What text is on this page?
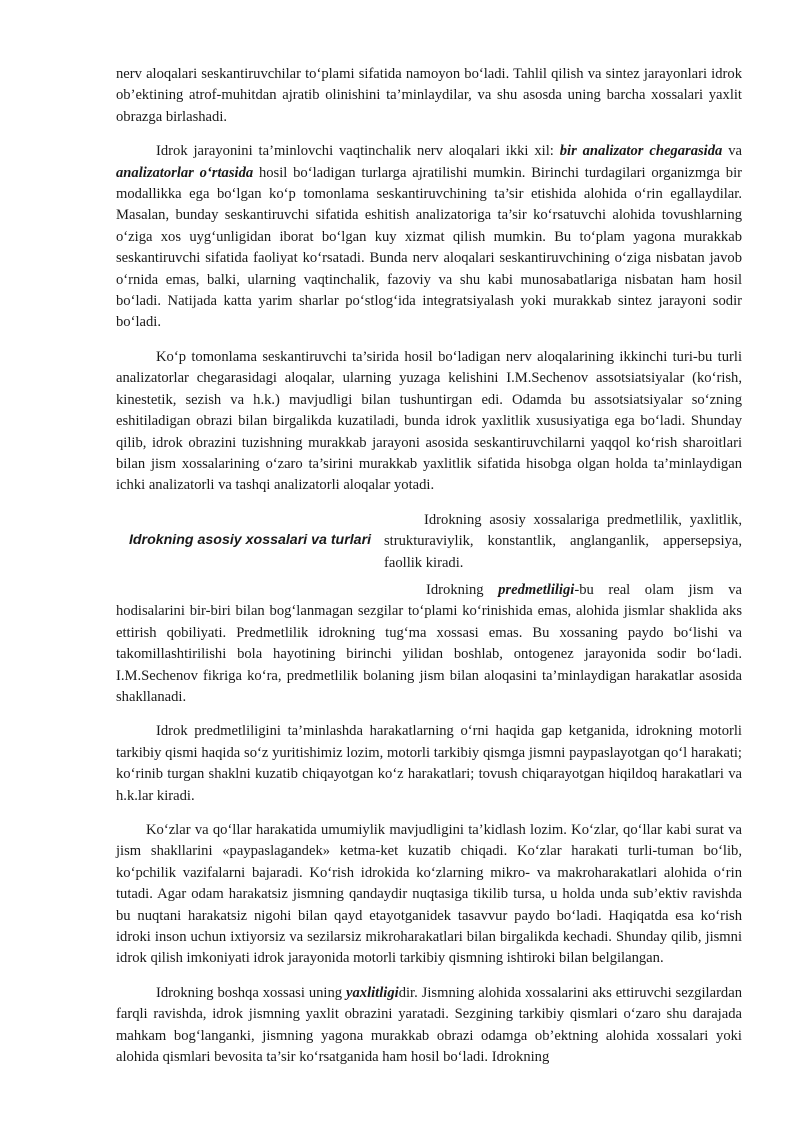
nerv aloqalari seskantiruvchilar to‘plami sifatida namoyon bo‘ladi. Tahlil qilish va sintez jarayonlari idrok ob’ektining atrof-muhitdan ajratib olinishini ta’minlaydilar, va shu asosda uning barcha xossalari yaxlit obrazga birlashadi.

Idrok jarayonini ta’minlovchi vaqtinchalik nerv aloqalari ikki xil: bir analizator chegarasida va analizatorlar o‘rtasida hosil bo‘ladigan turlarga ajratilishi mumkin. Birinchi turdagilari organizmga bir modallikka ega bo‘lgan ko‘p tomonlama seskantiruvchining ta’sir etishida alohida o‘rin egallaydilar. Masalan, bunday seskantiruvchi sifatida eshitish analizatoriga ta’sir ko‘rsatuvchi alohida tovushlarning o‘ziga xos uyg‘unligidan iborat bo‘lgan kuy xizmat qilish mumkin. Bu to‘plam yagona murakkab seskantiruvchi sifatida faoliyat ko‘rsatadi. Bunda nerv aloqalari seskantiruvchining o‘ziga nisbatan javob o‘rnida emas, balki, ularning vaqtinchalik, fazoviy va shu kabi munosabatlariga nisbatan ham hosil bo‘ladi. Natijada katta yarim sharlar po‘stlog‘ida integratsiyalash yoki murakkab sintez jarayoni sodir bo‘ladi.

Ko‘p tomonlama seskantiruvchi ta’sirida hosil bo‘ladigan nerv aloqalarining ikkinchi turi-bu turli analizatorlar chegarasidagi aloqalar, ularning yuzaga kelishini I.M.Sechenov assotsiatsiyalar (ko‘rish, kinestetik, sezish va h.k.) mavjudligi bilan tushuntirgan edi. Odamda bu assotsiatsiyalar so‘zning eshitiladigan obrazi bilan birgalikda kuzatiladi, bunda idrok yaxlitlik xususiyatiga ega bo‘ladi. Shunday qilib, idrok obrazini tuzishning murakkab jarayoni asosida seskantiruvchilarni yaqqol ko‘rish sharoitlari bilan jism xossalarining o‘zaro ta’sirini murakkab yaxlitlik sifatida hisobga olgan holda ta’minlaydigan ichki analizatorli va tashqi analizatorli aloqalar yotadi.

Idrokning asosiy xossalari va turlari

Idrokning asosiy xossalariga predmetlilik, yaxlitlik, strukturaviylik, konstantlik, anglanganlik, appersepsiya, faollik kiradi.

Idrokning predmetliligi-bu real olam jism va hodisalarini bir-biri bilan bog‘lanmagan sezgilar to‘plami ko‘rinishida emas, alohida jismlar shaklida aks ettirish qobiliyati. Predmetlilik idrokning tug‘ma xossasi emas. Bu xossaning paydo bo‘lishi va takomillashtirilishi bola hayotining birinchi yilidan boshlab, ontogenez jarayonida sodir bo‘ladi. I.M.Sechenov fikriga ko‘ra, predmetlilik bolaning jism bilan aloqasini ta’minlaydigan harakatlar asosida shakllanadi.

Idrok predmetliligini ta’minlashda harakatlarning o‘rni haqida gap ketganida, idrokning motorli tarkibiy qismi haqida so‘z yuritishimiz lozim, motorli tarkibiy qismga jismni paypaslayotgan qo‘l harakati; ko‘rinib turgan shaklni kuzatib chiqayotgan ko‘z harakatlari; tovush chiqarayotgan hiqildoq harakatlari va h.k.lar kiradi.

Ko‘zlar va qo‘llar harakatida umumiylik mavjudligini ta’kidlash lozim. Ko‘zlar, qo‘llar kabi surat va jism shakllarini «paypaslagandek» ketma-ket kuzatib chiqadi. Ko‘zlar harakati turli-tuman bo‘lib, ko‘pchilik vazifalarni bajaradi. Ko‘rish idrokida ko‘zlarning mikro- va makroharakatlari alohida o‘rin tutadi. Agar odam harakatsiz jismning qandaydir nuqtasiga tikilib tursa, u holda unda sub’ektiv ravishda bu nuqtani harakatsiz nigohi bilan qayd etayotganidek tasavvur paydo bo‘ladi. Haqiqatda esa ko‘rish idroki inson uchun ixtiyorsiz va sezilarsiz mikroharakatlari bilan birgalikda kechadi. Shunday qilib, jismni idrok qilish imkoniyati idrok jarayonida motorli tarkibiy qismning ishtiroki bilan belgilangan.

Idrokning boshqa xossasi uning yaxlitligidir. Jismning alohida xossalarini aks ettiruvchi sezgilardan farqli ravishda, idrok jismning yaxlit obrazini yaratadi. Sezgining tarkibiy qismlari o‘zaro shu darajada mahkam bog‘langanki, jismning yagona murakkab obrazi odamga ob’ektning alohida xossalari yoki alohida qismlari bevosita ta’sir ko‘rsatganida ham hosil bo‘ladi. Idrokning
